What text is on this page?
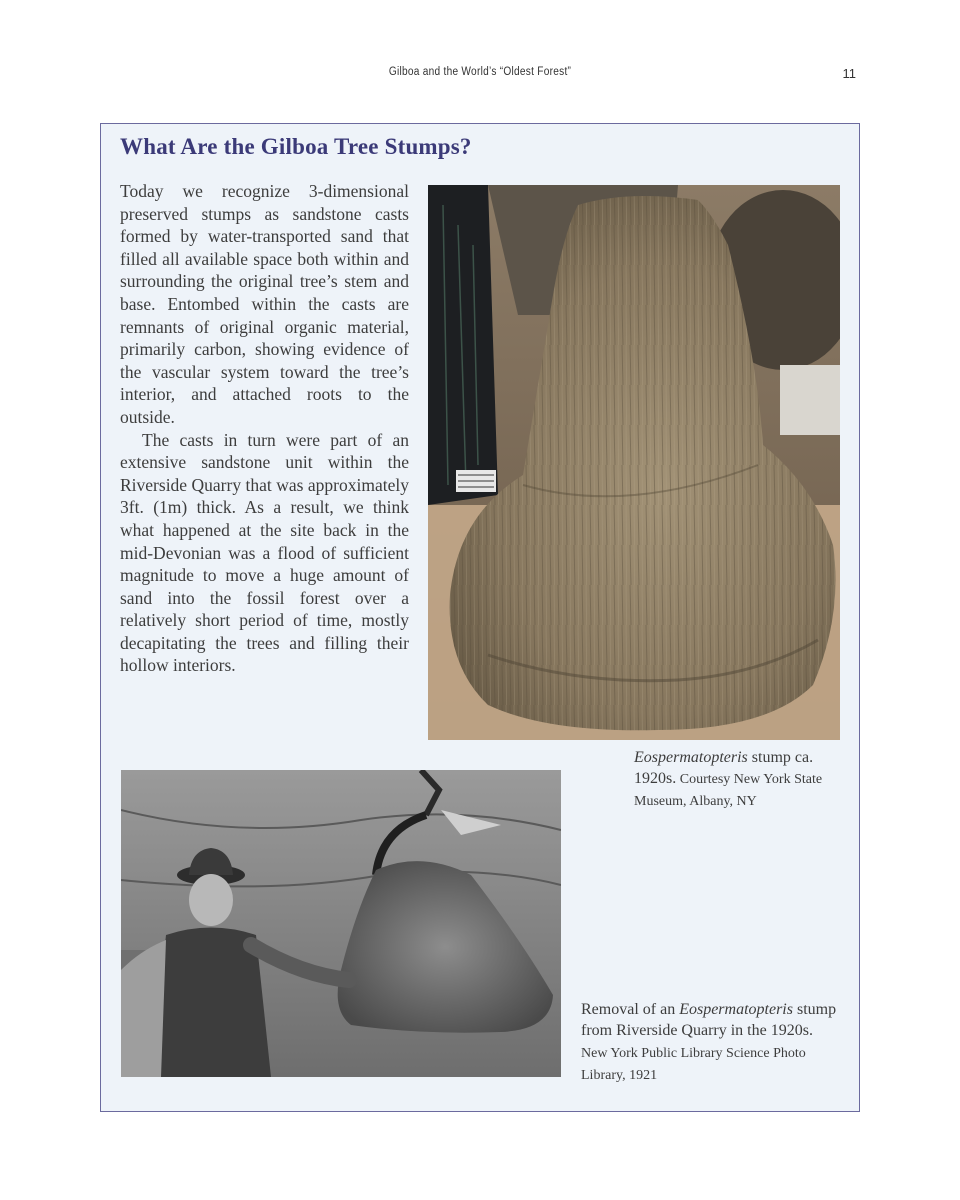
Gilboa and the World’s “Oldest Forest”	11
What Are the Gilboa Tree Stumps?

Today we recognize 3-dimensional preserved stumps as sandstone casts formed by water-transported sand that filled all available space both within and surrounding the original tree’s stem and base. Entombed within the casts are remnants of original organic material, primarily carbon, showing evidence of the vascular system toward the tree’s interior, and attached roots to the outside.

The casts in turn were part of an extensive sandstone unit within the Riverside Quarry that was approximately 3ft. (1m) thick. As a result, we think what happened at the site back in the mid-Devonian was a flood of sufficient magnitude to move a huge amount of sand into the fossil forest over a relatively short period of time, mostly decapitating the trees and filling their hollow interiors.

Eospermatopteris stump ca. 1920s. Courtesy New York State Museum, Albany, NY
Removal of an Eospermatopteris stump from Riverside Quarry in the 1920s. New York Public Library Science Photo Library, 1921
